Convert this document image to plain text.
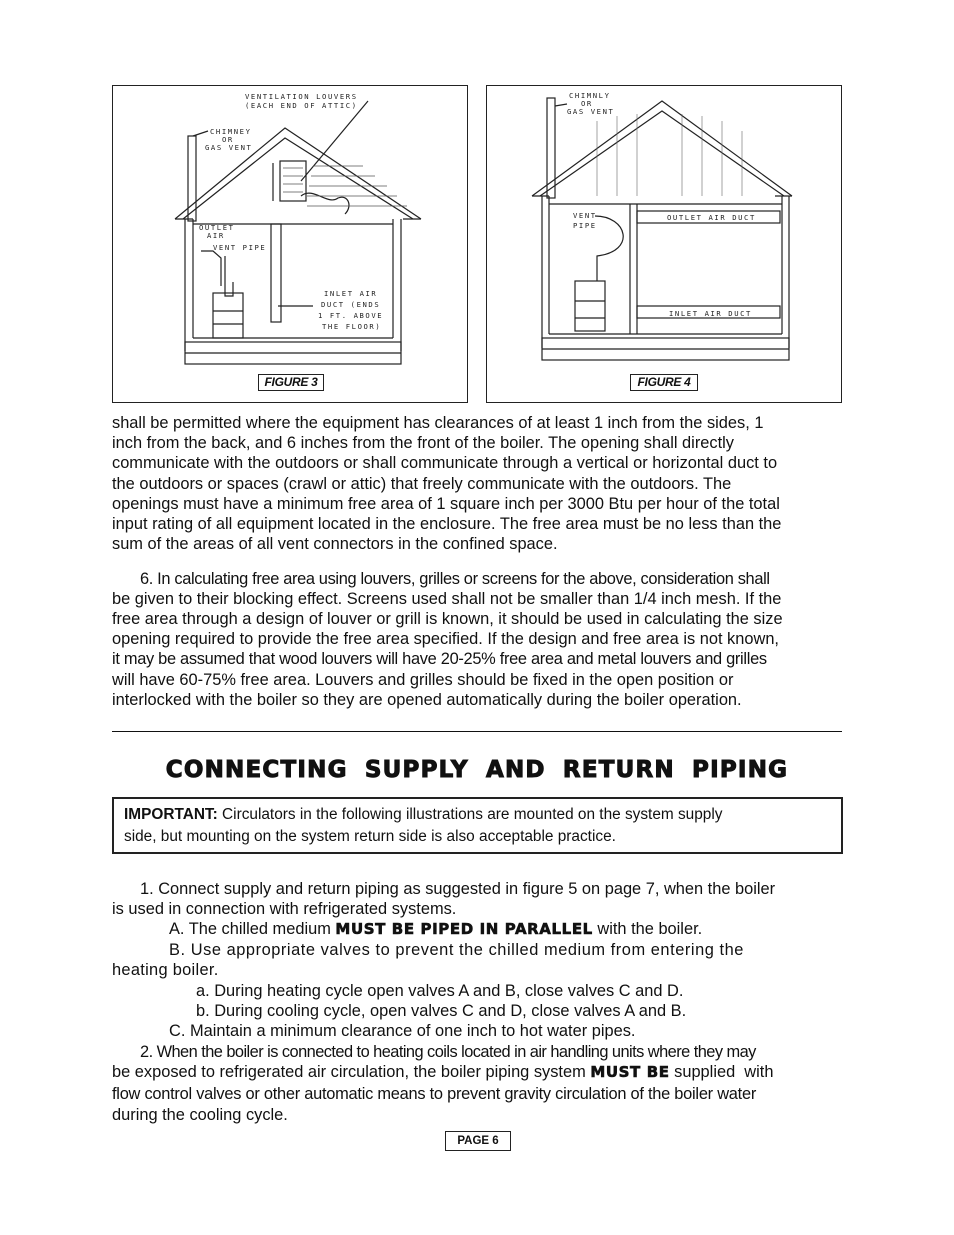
VENTILATION LOUVERS
(EACH END OF ATTIC)
CHIMNEY
OR
GAS VENT
OUTLET
AIR
VENT PIPE
INLET AIR
DUCT (ENDS
1 FT. ABOVE
THE FLOOR)
FIGURE 3
CHIMNLY
OR
GAS VENT
VENT
PIPE
OUTLET AIR DUCT
INLET AIR DUCT
FIGURE 4
shall be permitted where the equipment has clearances of at least 1 inch from the sides, 1
inch from the back, and 6 inches from the front of the boiler. The opening shall directly
communicate with the outdoors or shall communicate through a vertical or horizontal duct to
the outdoors or spaces (crawl or attic) that freely communicate with the outdoors. The
openings must have a minimum free area of 1 square inch per 3000 Btu per hour of the total
input rating of all equipment located in the enclosure. The free area must be no less than the
sum of the areas of all vent connectors in the confined space.
6. In calculating free area using louvers, grilles or screens for the above, consideration shall
be given to their blocking effect. Screens used shall not be smaller than 1/4 inch mesh. If the
free area through a design of louver or grill is known, it should be used in calculating the size
opening required to provide the free area specified. If the design and free area is not known,
it may be assumed that wood louvers will have 20-25% free area and metal louvers and grilles
will have 60-75% free area. Louvers and grilles should be fixed in the open position or
interlocked with the boiler so they are opened automatically during the boiler operation.
CONNECTING SUPPLY AND RETURN PIPING
IMPORTANT: Circulators in the following illustrations are mounted on the system supply
side, but mounting on the system return side is also acceptable practice.
1. Connect supply and return piping as suggested in figure 5 on page 7, when the boiler
is used in connection with refrigerated systems.
A. The chilled medium MUST BE PIPED IN PARALLEL with the boiler.
B. Use appropriate valves to prevent the chilled medium from entering the
heating boiler.
a. During heating cycle open valves A and B, close valves C and D.
b. During cooling cycle, open valves C and D, close valves A and B.
C. Maintain a minimum clearance of one inch to hot water pipes.
2. When the boiler is connected to heating coils located in air handling units where they may
be exposed to refrigerated air circulation, the boiler piping system MUST BE supplied  with
flow control valves or other automatic means to prevent gravity circulation of the boiler water
during the cooling cycle.
PAGE 6
